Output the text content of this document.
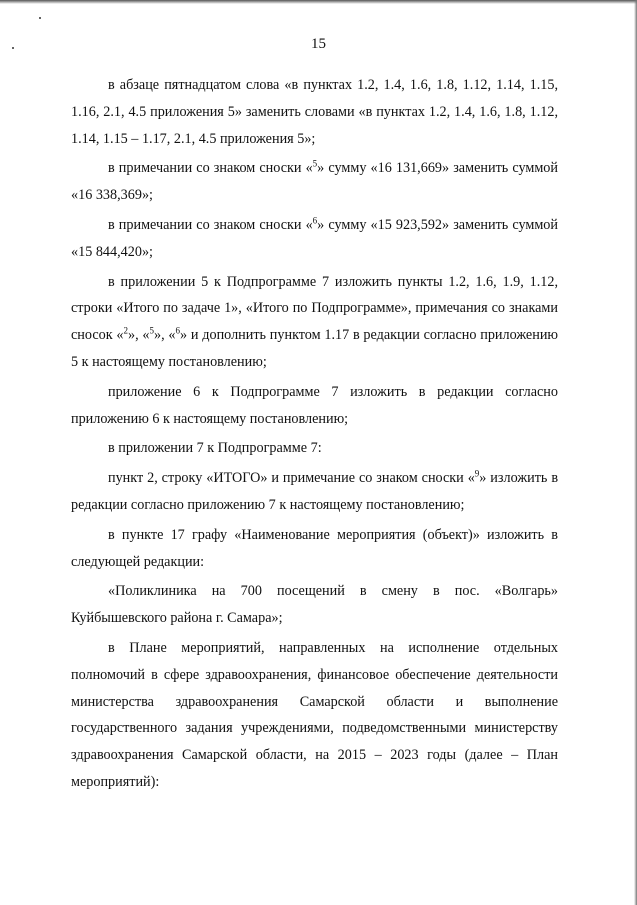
15

в абзаце пятнадцатом слова «в пунктах 1.2, 1.4, 1.6, 1.8, 1.12, 1.14, 1.15, 1.16, 2.1, 4.5 приложения 5» заменить словами «в пунктах 1.2, 1.4, 1.6, 1.8, 1.12, 1.14, 1.15 – 1.17, 2.1, 4.5 приложения 5»;

в примечании со знаком сноски «$^5$» сумму «16 131,669» заменить суммой «16 338,369»;

в примечании со знаком сноски «$^6$» сумму «15 923,592» заменить суммой «15 844,420»;

в приложении 5 к Подпрограмме 7 изложить пункты 1.2, 1.6, 1.9, 1.12, строки «Итого по задаче 1», «Итого по Подпрограмме», примечания со знаками сносок «$^2$», «$^5$», «$^6$» и дополнить пунктом 1.17 в редакции согласно приложению 5 к настоящему постановлению;

приложение 6 к Подпрограмме 7 изложить в редакции согласно приложению 6 к настоящему постановлению;

в приложении 7 к Подпрограмме 7:

пункт 2, строку «ИТОГО» и примечание со знаком сноски «$^9$» изложить в редакции согласно приложению 7 к настоящему постановлению;

в пункте 17 графу «Наименование мероприятия (объект)» изложить в следующей редакции:

«Поликлиника на 700 посещений в смену в пос. «Волгарь» Куйбышевского района г. Самара»;

в Плане мероприятий, направленных на исполнение отдельных полномочий в сфере здравоохранения, финансовое обеспечение деятельности министерства здравоохранения Самарской области и выполнение государственного задания учреждениями, подведомственными министерству здравоохранения Самарской области, на 2015 – 2023 годы (далее – План мероприятий):
